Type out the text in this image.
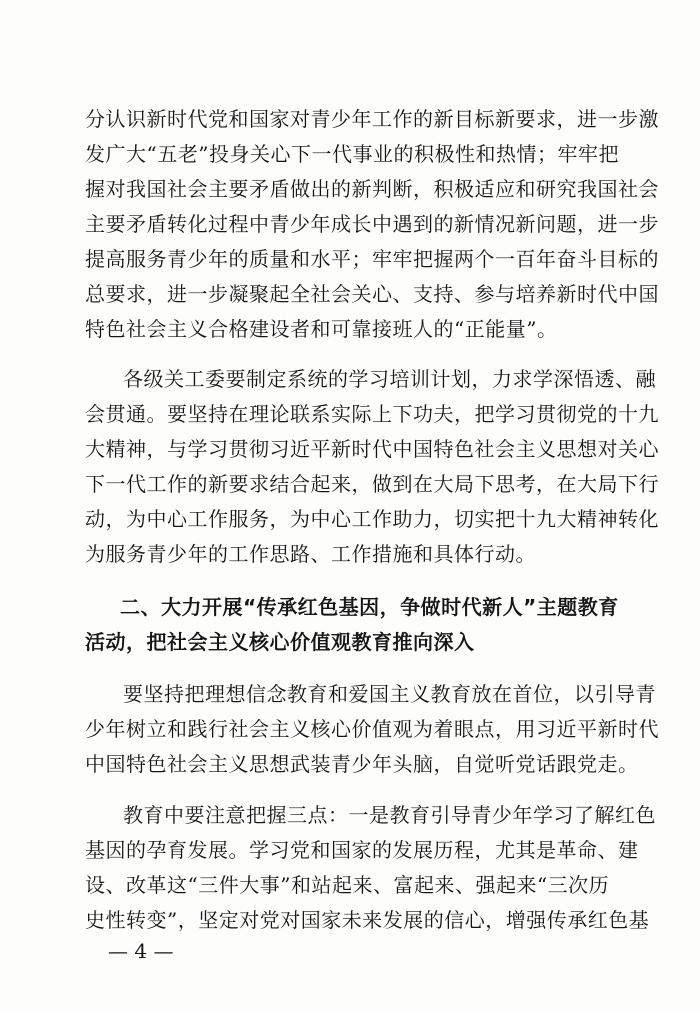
分认识新时代党和国家对青少年工作的新目标新要求，进一步激
发广大“五老”投身关心下一代事业的积极性和热情；牢牢把
握对我国社会主要矛盾做出的新判断，积极适应和研究我国社会
主要矛盾转化过程中青少年成长中遇到的新情况新问题，进一步
提高服务青少年的质量和水平；牢牢把握两个一百年奋斗目标的
总要求，进一步凝聚起全社会关心、支持、参与培养新时代中国
特色社会主义合格建设者和可靠接班人的“正能量”。
各级关工委要制定系统的学习培训计划，力求学深悟透、融
会贯通。要坚持在理论联系实际上下功夫，把学习贯彻党的十九
大精神，与学习贯彻习近平新时代中国特色社会主义思想对关心
下一代工作的新要求结合起来，做到在大局下思考，在大局下行
动，为中心工作服务，为中心工作助力，切实把十九大精神转化
为服务青少年的工作思路、工作措施和具体行动。
二、大力开展“传承红色基因，争做时代新人”主题教育
活动，把社会主义核心价值观教育推向深入
要坚持把理想信念教育和爱国主义教育放在首位，以引导青
少年树立和践行社会主义核心价值观为着眼点，用习近平新时代
中国特色社会主义思想武装青少年头脑，自觉听党话跟党走。
教育中要注意把握三点：一是教育引导青少年学习了解红色
基因的孕育发展。学习党和国家的发展历程，尤其是革命、建
设、改革这“三件大事”和站起来、富起来、强起来“三次历
史性转变”，坚定对党对国家未来发展的信心，增强传承红色基
— 4 —
